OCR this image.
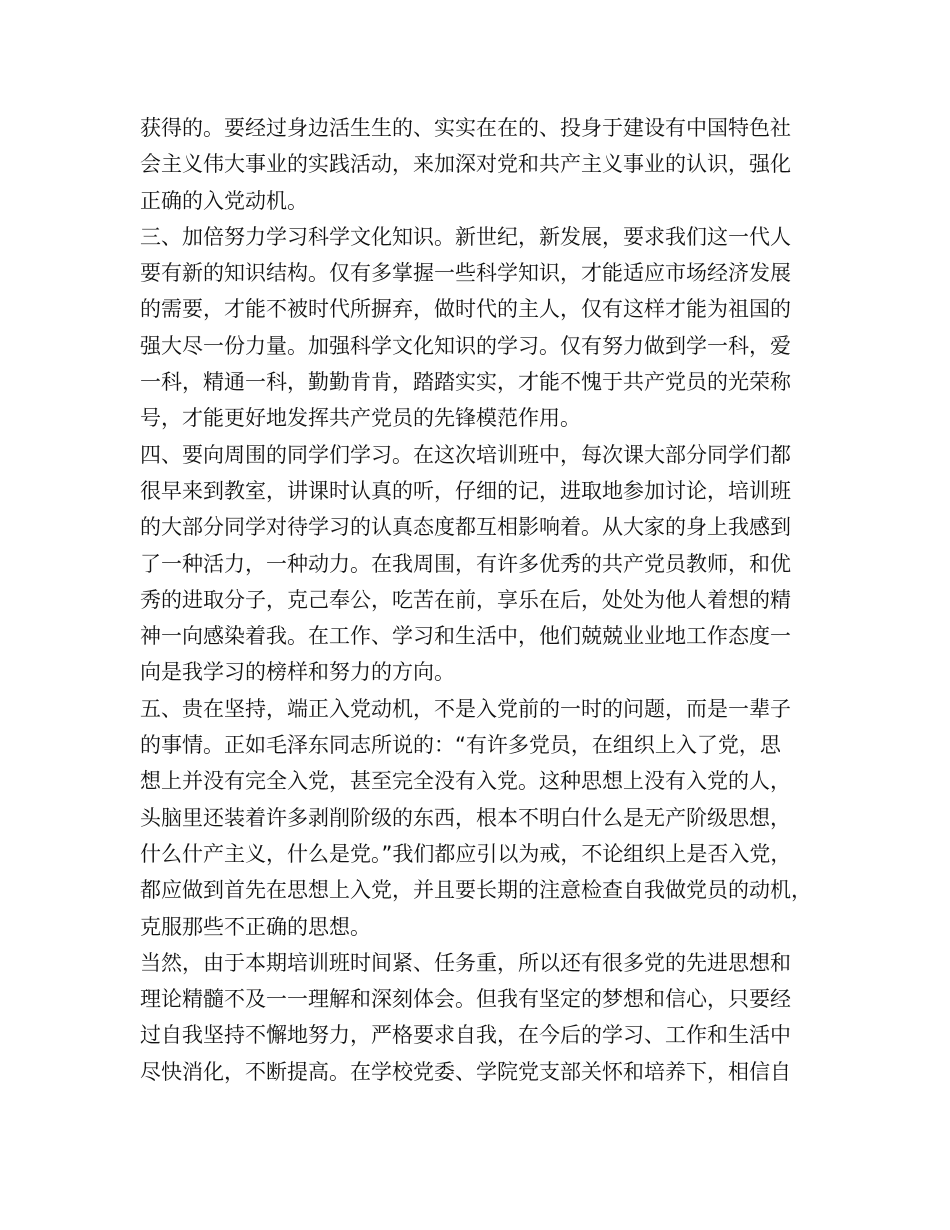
获得的。要经过身边活生生的、实实在在的、投身于建设有中国特色社
会主义伟大事业的实践活动，来加深对党和共产主义事业的认识，强化
正确的入党动机。
三、加倍努力学习科学文化知识。新世纪，新发展，要求我们这一代人
要有新的知识结构。仅有多掌握一些科学知识，才能适应市场经济发展
的需要，才能不被时代所摒弃，做时代的主人，仅有这样才能为祖国的
强大尽一份力量。加强科学文化知识的学习。仅有努力做到学一科，爱
一科，精通一科，勤勤肯肯，踏踏实实，才能不愧于共产党员的光荣称
号，才能更好地发挥共产党员的先锋模范作用。
四、要向周围的同学们学习。在这次培训班中，每次课大部分同学们都
很早来到教室，讲课时认真的听，仔细的记，进取地参加讨论，培训班
的大部分同学对待学习的认真态度都互相影响着。从大家的身上我感到
了一种活力，一种动力。在我周围，有许多优秀的共产党员教师，和优
秀的进取分子，克己奉公，吃苦在前，享乐在后，处处为他人着想的精
神一向感染着我。在工作、学习和生活中，他们兢兢业业地工作态度一
向是我学习的榜样和努力的方向。
五、贵在坚持，端正入党动机，不是入党前的一时的问题，而是一辈子
的事情。正如毛泽东同志所说的：“有许多党员，在组织上入了党，思
想上并没有完全入党，甚至完全没有入党。这种思想上没有入党的人，
头脑里还装着许多剥削阶级的东西，根本不明白什么是无产阶级思想，
什么什产主义，什么是党。”我们都应引以为戒，不论组织上是否入党，
都应做到首先在思想上入党，并且要长期的注意检查自我做党员的动机，
克服那些不正确的思想。
当然，由于本期培训班时间紧、任务重，所以还有很多党的先进思想和
理论精髓不及一一理解和深刻体会。但我有坚定的梦想和信心，只要经
过自我坚持不懈地努力，严格要求自我，在今后的学习、工作和生活中
尽快消化，不断提高。在学校党委、学院党支部关怀和培养下，相信自
